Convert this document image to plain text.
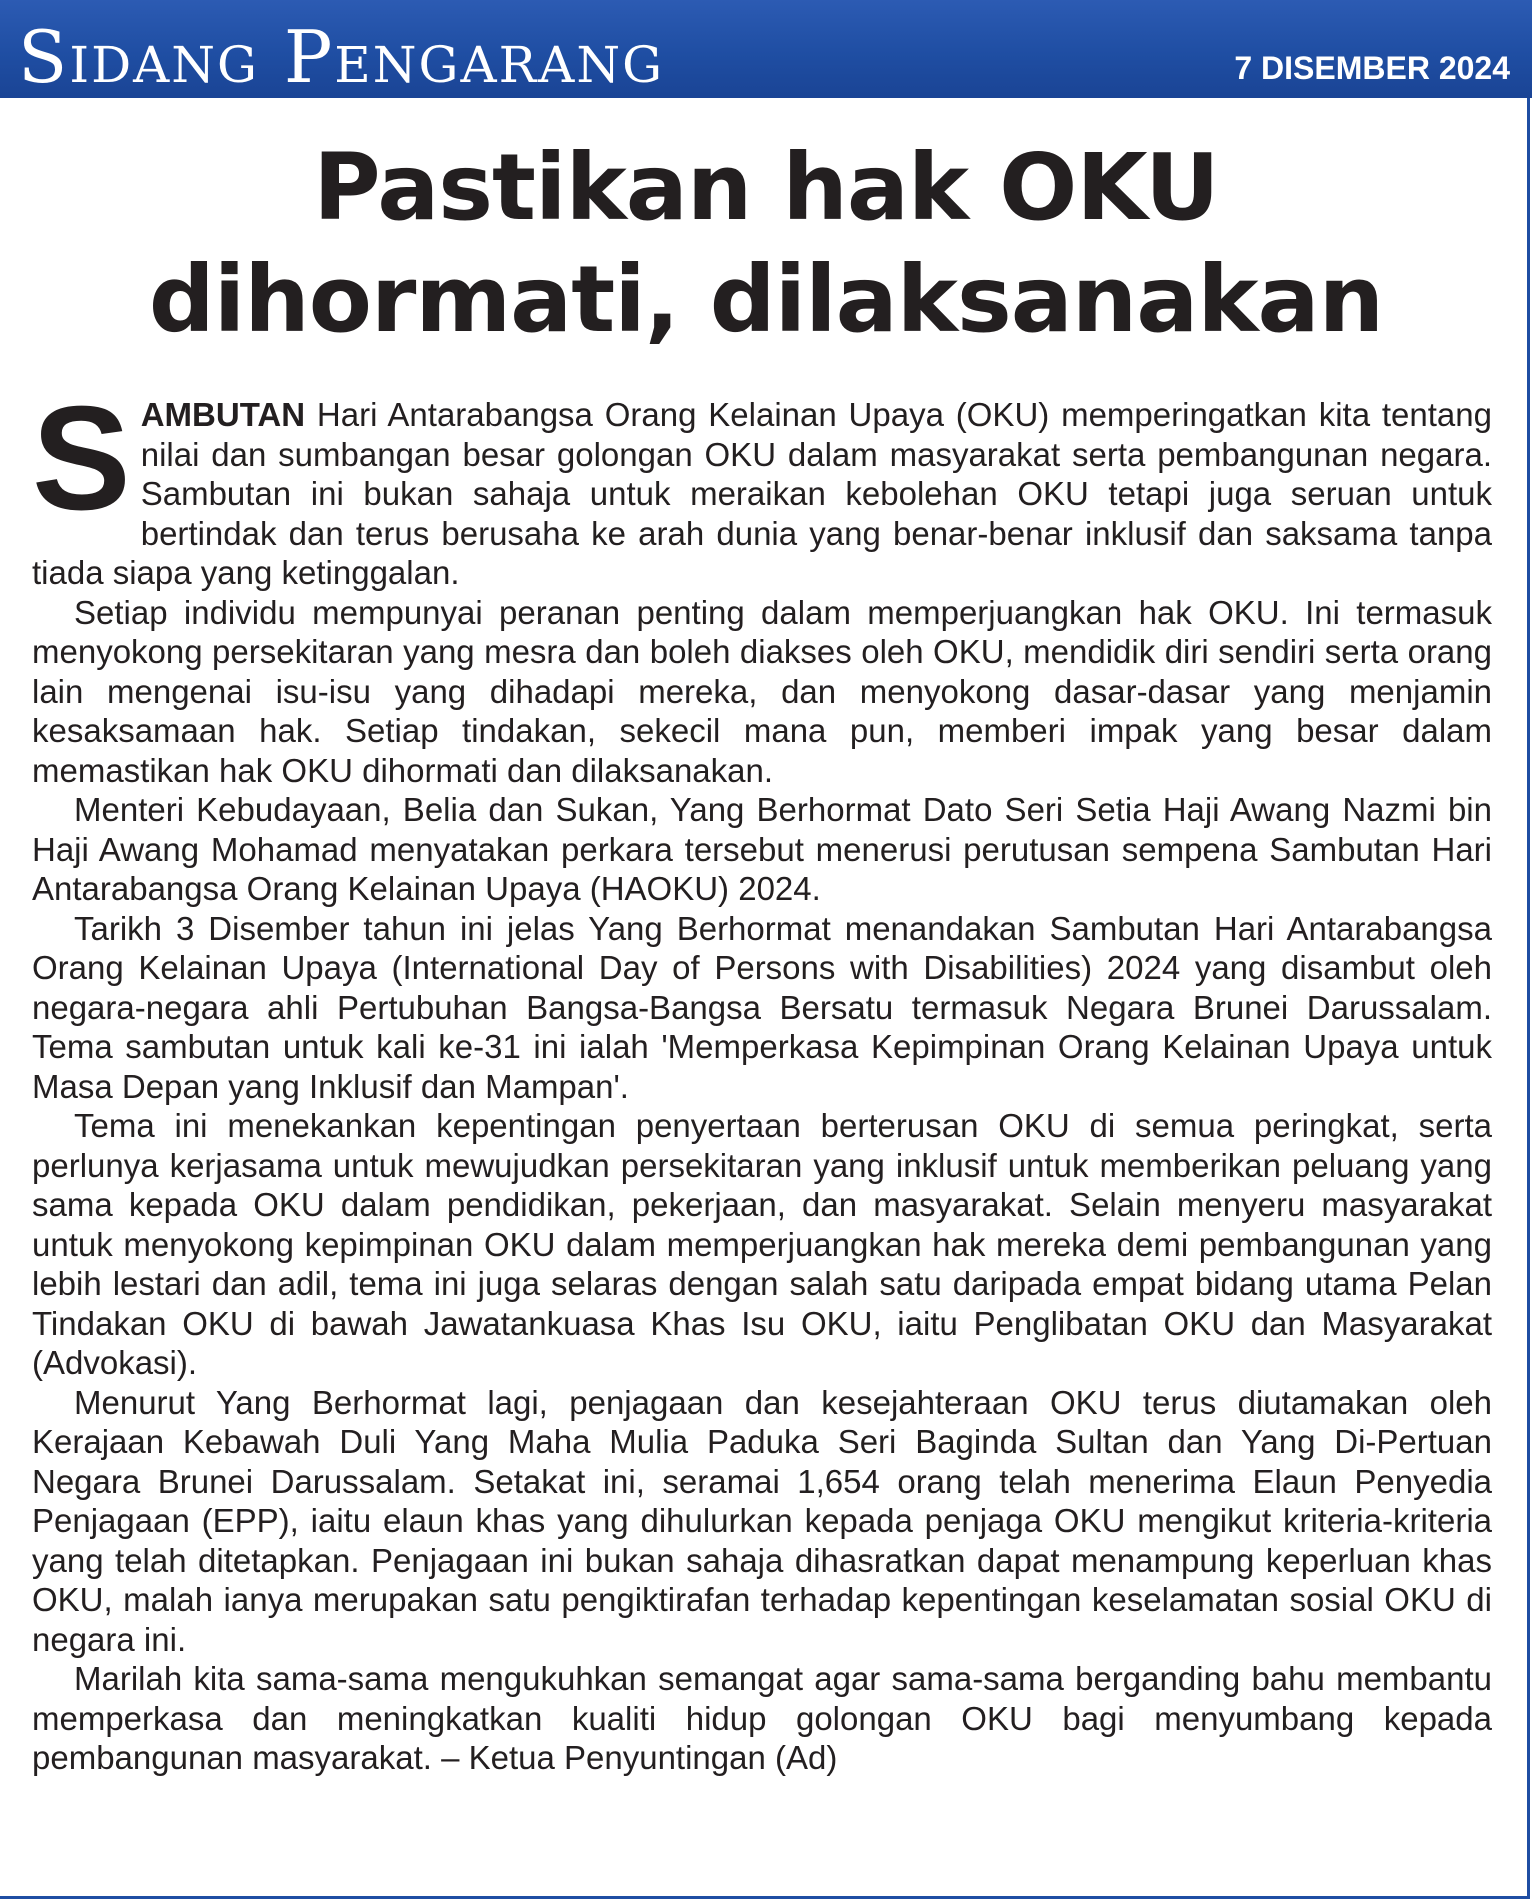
Sidang Pengarang	7 DISEMBER 2024
Pastikan hak OKU
dihormati, dilaksanakan

SAMBUTAN Hari Antarabangsa Orang Kelainan Upaya (OKU) memperingatkan kita tentang nilai dan sumbangan besar golongan OKU dalam masyarakat serta pembangunan negara. Sambutan ini bukan sahaja untuk meraikan kebolehan OKU tetapi juga seruan untuk bertindak dan terus berusaha ke arah dunia yang benar-benar inklusif dan saksama tanpa tiada siapa yang ketinggalan.

Setiap individu mempunyai peranan penting dalam memperjuangkan hak OKU. Ini termasuk menyokong persekitaran yang mesra dan boleh diakses oleh OKU, mendidik diri sendiri serta orang lain mengenai isu-isu yang dihadapi mereka, dan menyokong dasar-dasar yang menjamin kesaksamaan hak. Setiap tindakan, sekecil mana pun, memberi impak yang besar dalam memastikan hak OKU dihormati dan dilaksanakan.

Menteri Kebudayaan, Belia dan Sukan, Yang Berhormat Dato Seri Setia Haji Awang Nazmi bin Haji Awang Mohamad menyatakan perkara tersebut menerusi perutusan sempena Sambutan Hari Antarabangsa Orang Kelainan Upaya (HAOKU) 2024.

Tarikh 3 Disember tahun ini jelas Yang Berhormat menandakan Sambutan Hari Antarabangsa Orang Kelainan Upaya (International Day of Persons with Disabilities) 2024 yang disambut oleh negara-negara ahli Pertubuhan Bangsa-Bangsa Bersatu termasuk Negara Brunei Darussalam. Tema sambutan untuk kali ke-31 ini ialah 'Memperkasa Kepimpinan Orang Kelainan Upaya untuk Masa Depan yang Inklusif dan Mampan'.

Tema ini menekankan kepentingan penyertaan berterusan OKU di semua peringkat, serta perlunya kerjasama untuk mewujudkan persekitaran yang inklusif untuk memberikan peluang yang sama kepada OKU dalam pendidikan, pekerjaan, dan masyarakat. Selain menyeru masyarakat untuk menyokong kepimpinan OKU dalam memperjuangkan hak mereka demi pembangunan yang lebih lestari dan adil, tema ini juga selaras dengan salah satu daripada empat bidang utama Pelan Tindakan OKU di bawah Jawatankuasa Khas Isu OKU, iaitu Penglibatan OKU dan Masyarakat (Advokasi).

Menurut Yang Berhormat lagi, penjagaan dan kesejahteraan OKU terus diutamakan oleh Kerajaan Kebawah Duli Yang Maha Mulia Paduka Seri Baginda Sultan dan Yang Di-Pertuan Negara Brunei Darussalam. Setakat ini, seramai 1,654 orang telah menerima Elaun Penyedia Penjagaan (EPP), iaitu elaun khas yang dihulurkan kepada penjaga OKU mengikut kriteria-kriteria yang telah ditetapkan. Penjagaan ini bukan sahaja dihasratkan dapat menampung keperluan khas OKU, malah ianya merupakan satu pengiktirafan terhadap kepentingan keselamatan sosial OKU di negara ini.

Marilah kita sama-sama mengukuhkan semangat agar sama-sama berganding bahu membantu memperkasa dan meningkatkan kualiti hidup golongan OKU bagi menyumbang kepada pembangunan masyarakat. – Ketua Penyuntingan (Ad)
